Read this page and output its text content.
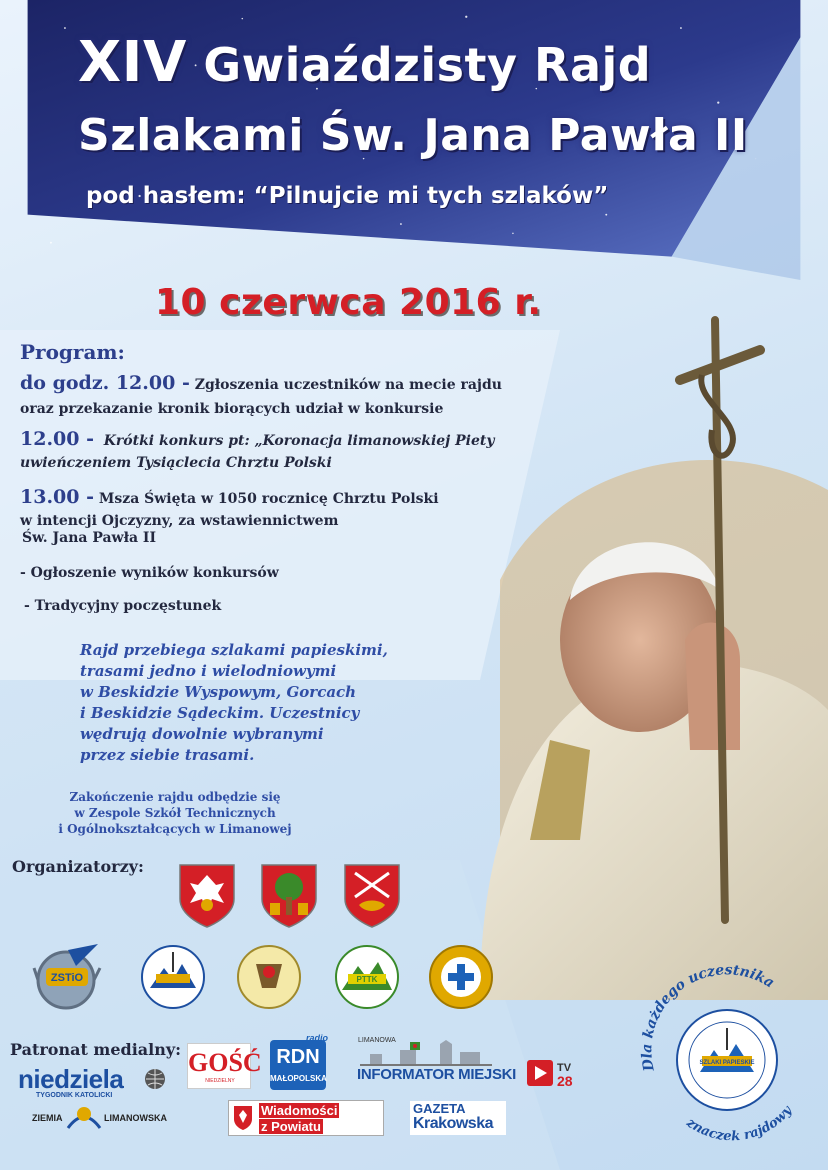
XIV Gwiaździsty Rajd
Szlakami Św. Jana Pawła II
pod hasłem: “Pilnujcie mi tych szlaków”
10 czerwca 2016 r.
Program:
do godz. 12.00 - Zgłoszenia uczestników na mecie rajdu
oraz przekazanie kronik biorących udział w konkursie
12.00 - Krótki konkurs pt: „Koronacja limanowskiej Piety
uwieńczeniem Tysiąclecia Chrztu Polski
13.00 - Msza Święta w 1050 rocznicę Chrztu Polski
w intencji Ojczyzny, za wstawiennictwem
Św. Jana Pawła II
- Ogłoszenie wyników konkursów
- Tradycyjny poczęstunek
Rajd przebiega szlakami papieskimi,
trasami jedno i wielodniowymi
w Beskidzie Wyspowym, Gorcach
i Beskidzie Sądeckim. Uczestnicy
wędrują dowolnie wybranymi
przez siebie trasami.
Zakończenie rajdu odbędzie się
w Zespole Szkół Technicznych
i Ogólnokształcących w Limanowej
Organizatorzy:
ZSTiO	PTTK
Patronat medialny:
niedziela
TYGODNIK KATOLICKI
GOŚĆ
NIEDZIELNY
radio
RDN
MAŁOPOLSKA
LIMANOWA
INFORMATOR MIEJSKI	TV
28
ZIEMIA	LIMANOWSKA	Wiadomości
z Powiatu
GAZETA
Krakowska
Dla każdego uczestnika
SZLAKI PAPIESKIE
znaczek rajdowy
